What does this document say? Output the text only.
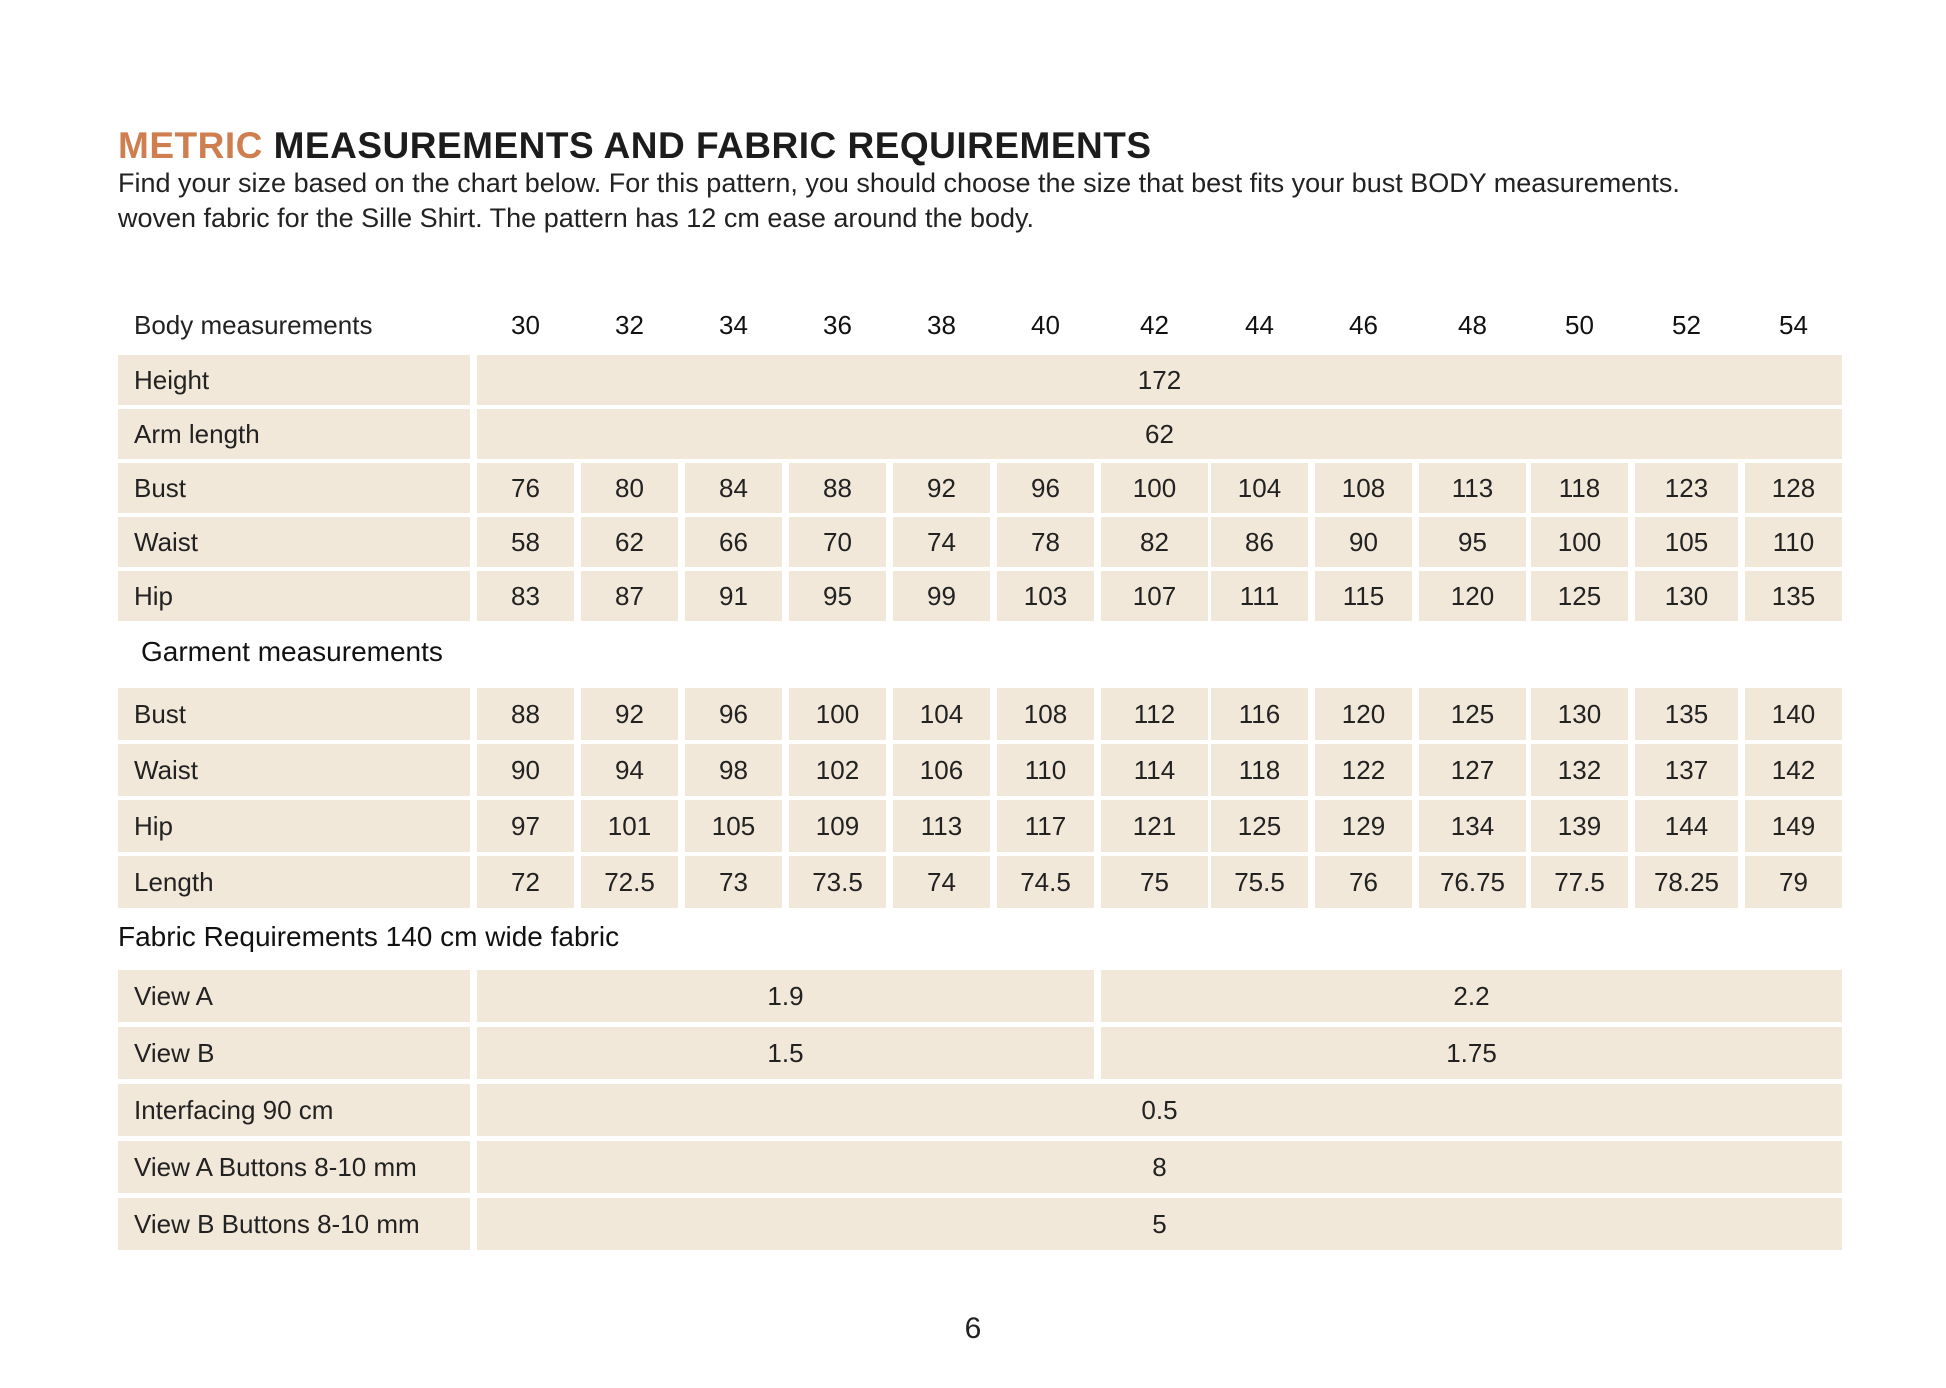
METRIC MEASUREMENTS AND FABRIC REQUIREMENTS
Find your size based on the chart below. For this pattern, you should choose the size that best fits your bust BODY measurements.
woven fabric for the Sille Shirt. The pattern has 12 cm ease around the body.
Body measurements	30	32	34	36	38	40	42	44	46	48	50	52	54
Height	172
Arm length	62
Bust	76	80	84	88	92	96	100	104	108	113	118	123	128
Waist	58	62	66	70	74	78	82	86	90	95	100	105	110
Hip	83	87	91	95	99	103	107	111	115	120	125	130	135
Garment measurements
Bust	88	92	96	100	104	108	112	116	120	125	130	135	140
Waist	90	94	98	102	106	110	114	118	122	127	132	137	142
Hip	97	101	105	109	113	117	121	125	129	134	139	144	149
Length	72	72.5	73	73.5	74	74.5	75	75.5	76	76.75	77.5	78.25	79
Fabric Requirements 140 cm wide fabric
View A	1.9	2.2
View B	1.5	1.75
Interfacing 90 cm	0.5
View A Buttons 8-10 mm	8
View B Buttons 8-10 mm	5
6
